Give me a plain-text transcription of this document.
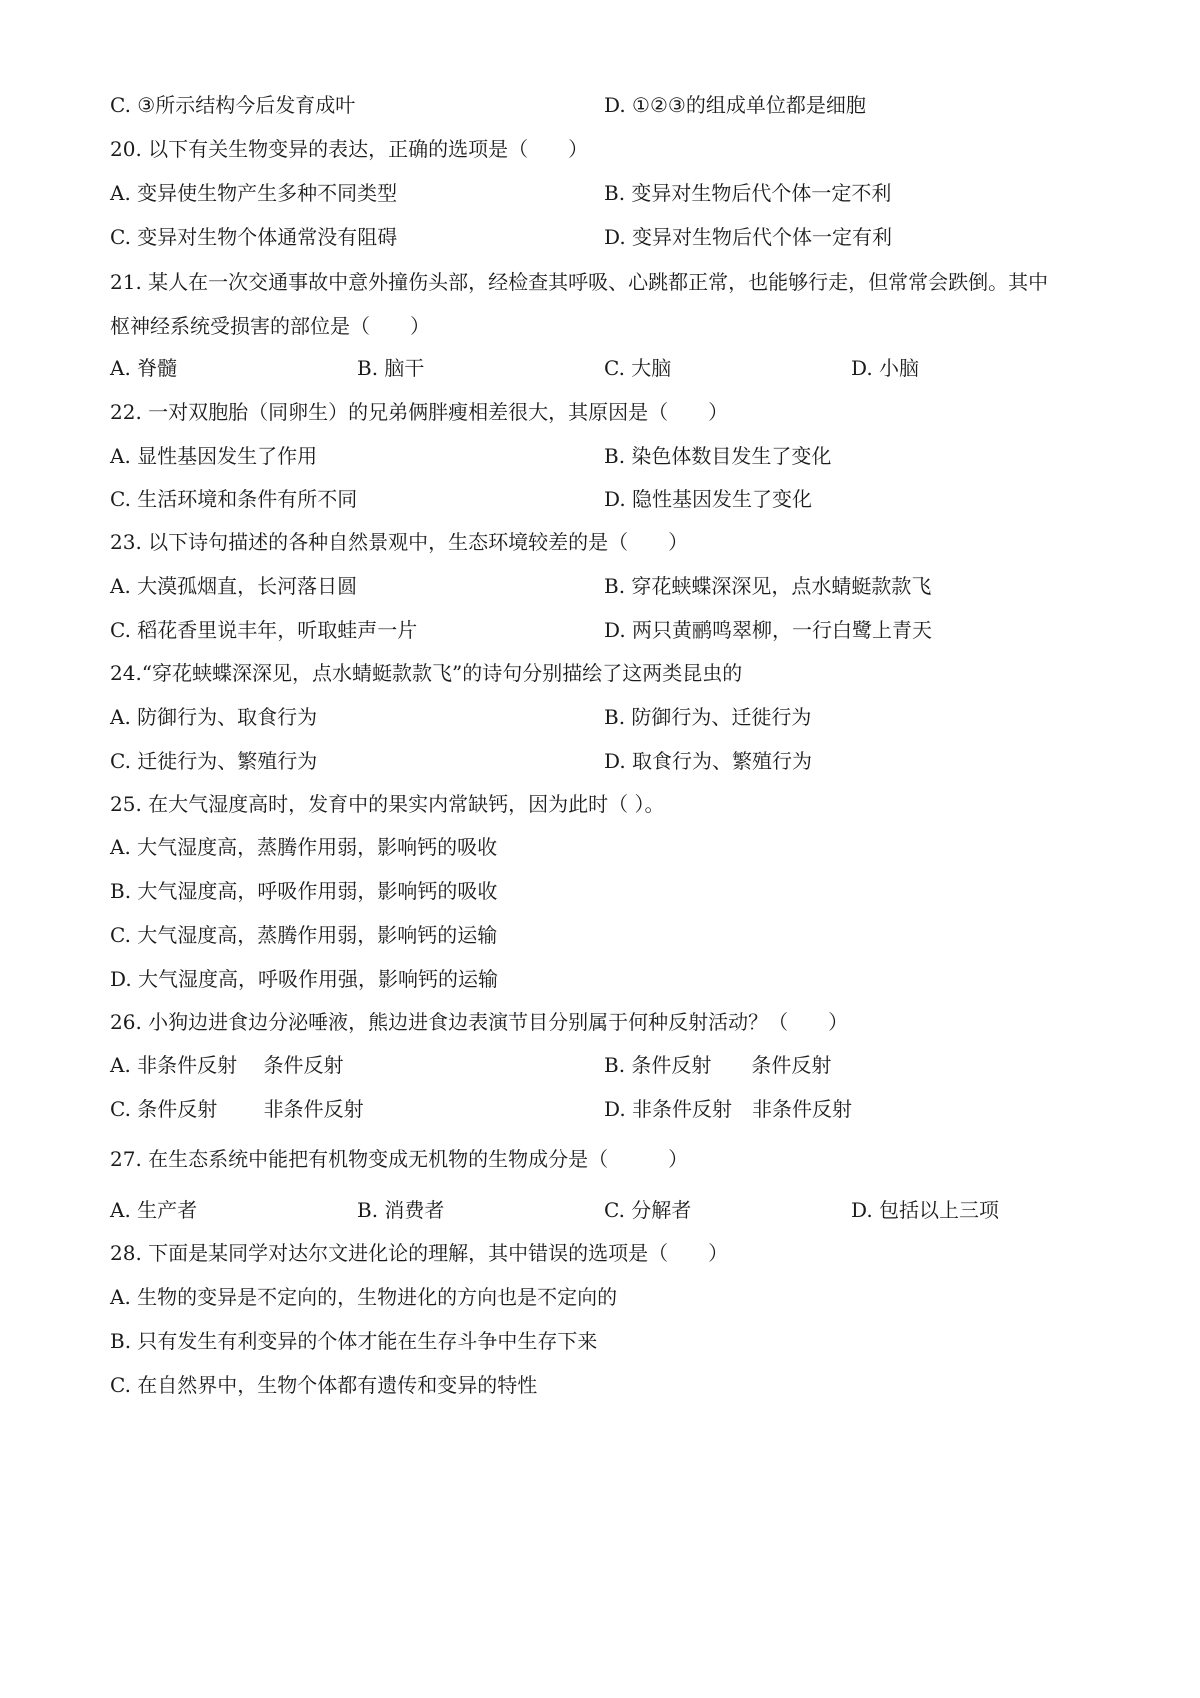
C. ③所示结构今后发育成叶	D. ①②③的组成单位都是细胞
20. 以下有关生物变异的表达，正确的选项是（　　）
A. 变异使生物产生多种不同类型	B. 变异对生物后代个体一定不利
C. 变异对生物个体通常没有阻碍	D. 变异对生物后代个体一定有利
21. 某人在一次交通事故中意外撞伤头部，经检查其呼吸、心跳都正常，也能够行走，但常常会跌倒。其中
枢神经系统受损害的部位是（　　）
A. 脊髓	B. 脑干	C. 大脑	D. 小脑
22. 一对双胞胎（同卵生）的兄弟俩胖瘦相差很大，其原因是（　　）
A. 显性基因发生了作用	B. 染色体数目发生了变化
C. 生活环境和条件有所不同	D. 隐性基因发生了变化
23. 以下诗句描述的各种自然景观中，生态环境较差的是（　　）
A. 大漠孤烟直，长河落日圆	B. 穿花蛱蝶深深见，点水蜻蜓款款飞
C. 稻花香里说丰年，听取蛙声一片	D. 两只黄鹂鸣翠柳，一行白鹭上青天
24.“穿花蛱蝶深深见，点水蜻蜓款款飞”的诗句分别描绘了这两类昆虫的
A. 防御行为、取食行为	B. 防御行为、迁徙行为
C. 迁徙行为、繁殖行为	D. 取食行为、繁殖行为
25. 在大气湿度高时，发育中的果实内常缺钙，因为此时（ ）。
A. 大气湿度高，蒸腾作用弱，影响钙的吸收
B. 大气湿度高，呼吸作用弱，影响钙的吸收
C. 大气湿度高，蒸腾作用弱，影响钙的运输
D. 大气湿度高，呼吸作用强，影响钙的运输
26. 小狗边进食边分泌唾液，熊边进食边表演节目分别属于何种反射活动？（　　）
A. 非条件反射　 条件反射	B. 条件反射　　条件反射
C. 条件反射　　 非条件反射	D. 非条件反射　非条件反射
27. 在生态系统中能把有机物变成无机物的生物成分是（　　　）
A. 生产者	B. 消费者	C. 分解者	D. 包括以上三项
28. 下面是某同学对达尔文进化论的理解，其中错误的选项是（　　）
A. 生物的变异是不定向的，生物进化的方向也是不定向的
B. 只有发生有利变异的个体才能在生存斗争中生存下来
C. 在自然界中，生物个体都有遗传和变异的特性
